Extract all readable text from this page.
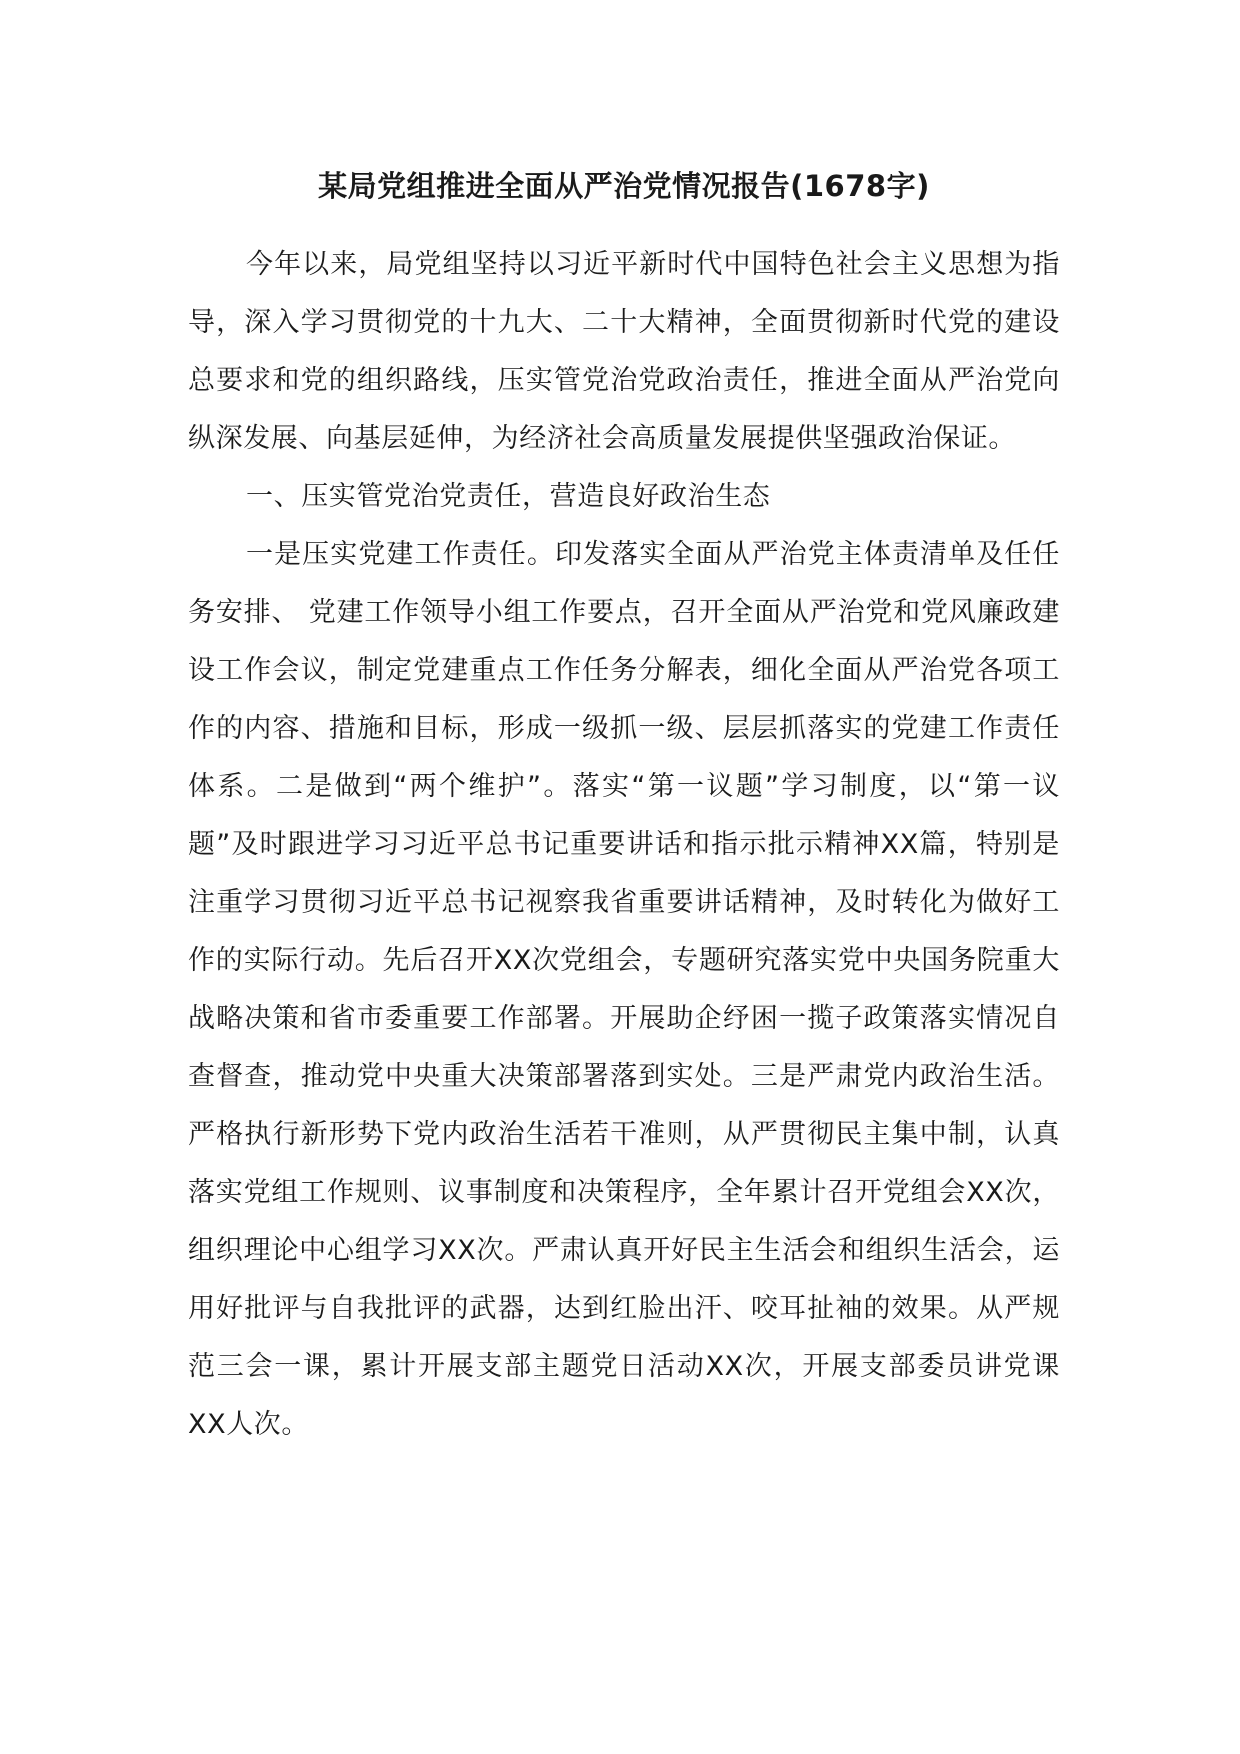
某局党组推进全面从严治党情况报告(1678字)

今年以来，局党组坚持以习近平新时代中国特色社会主义思想为指导，深入学习贯彻党的十九大、二十大精神，全面贯彻新时代党的建设总要求和党的组织路线，压实管党治党政治责任，推进全面从严治党向纵深发展、向基层延伸，为经济社会高质量发展提供坚强政治保证。

一、压实管党治党责任，营造良好政治生态

一是压实党建工作责任。印发落实全面从严治党主体责清单及任任务安排、 党建工作领导小组工作要点，召开全面从严治党和党风廉政建设工作会议，制定党建重点工作任务分解表，细化全面从严治党各项工作的内容、措施和目标，形成一级抓一级、层层抓落实的党建工作责任体系。二是做到“两个维护”。落实“第一议题”学习制度，以“第一议题”及时跟进学习习近平总书记重要讲话和指示批示精神XX篇，特别是注重学习贯彻习近平总书记视察我省重要讲话精神，及时转化为做好工作的实际行动。先后召开XX次党组会，专题研究落实党中央国务院重大战略决策和省市委重要工作部署。开展助企纾困一揽子政策落实情况自查督查，推动党中央重大决策部署落到实处。三是严肃党内政治生活。严格执行新形势下党内政治生活若干准则，从严贯彻民主集中制，认真落实党组工作规则、议事制度和决策程序，全年累计召开党组会XX次，组织理论中心组学习XX次。严肃认真开好民主生活会和组织生活会，运用好批评与自我批评的武器，达到红脸出汗、咬耳扯袖的效果。从严规范三会一课，累计开展支部主题党日活动XX次，开展支部委员讲党课XX人次。
